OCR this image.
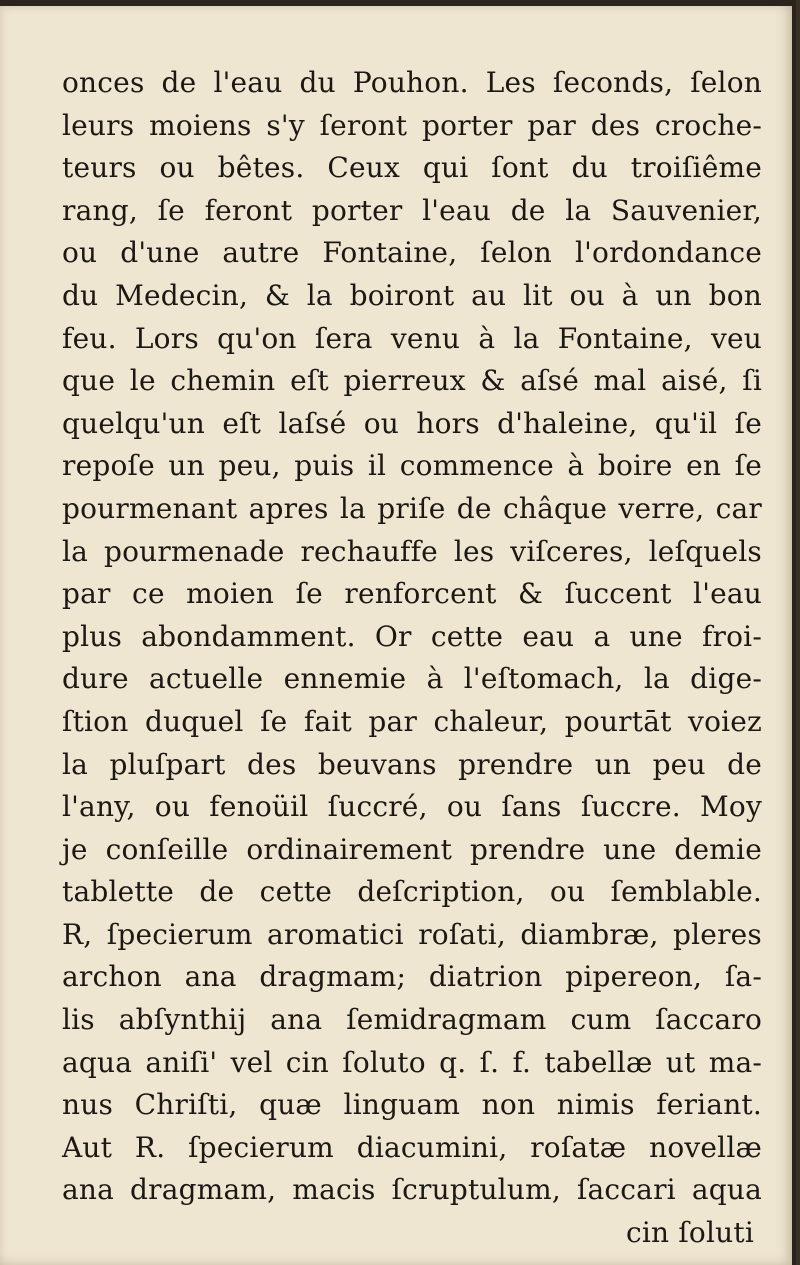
onces de l'eau du Pouhon. Les ſeconds, ſelon
leurs moiens s'y ſeront porter par des croche-
teurs ou bêtes. Ceux qui ſont du troiſiême
rang, ſe feront porter l'eau de la Sauvenier,
ou d'une autre Fontaine, ſelon l'ordondance
du Medecin, & la boiront au lit ou à un bon
feu. Lors qu'on ſera venu à la Fontaine, veu
que le chemin eſt pierreux & aſsé mal aisé, ſi
quelqu'un eſt laſsé ou hors d'haleine, qu'il ſe
repoſe un peu, puis il commence à boire en ſe
pourmenant apres la priſe de châque verre, car
la pourmenade rechauffe les viſceres, leſquels
par ce moien ſe renforcent & ſuccent l'eau
plus abondamment. Or cette eau a une froi-
dure actuelle ennemie à l'eſtomach, la dige-
ſtion duquel ſe fait par chaleur, pourtāt voiez
la pluſpart des beuvans prendre un peu de
l'any, ou fenoüil ſuccré, ou ſans ſuccre. Moy
je conſeille ordinairement prendre une demie
tablette de cette deſcription, ou ſemblable.
R, ſpecierum aromatici roſati, diambræ, pleres
archon ana dragmam; diatrion pipereon, ſa-
lis abſynthij ana ſemidragmam cum ſaccaro
aqua aniſi' vel cin ſoluto q. ſ. f. tabellæ ut ma-
nus Chriſti, quæ linguam non nimis feriant.
Aut R. ſpecierum diacumini, roſatæ novellæ
ana dragmam, macis ſcruptulum, ſaccari aqua
cin ſoluti
